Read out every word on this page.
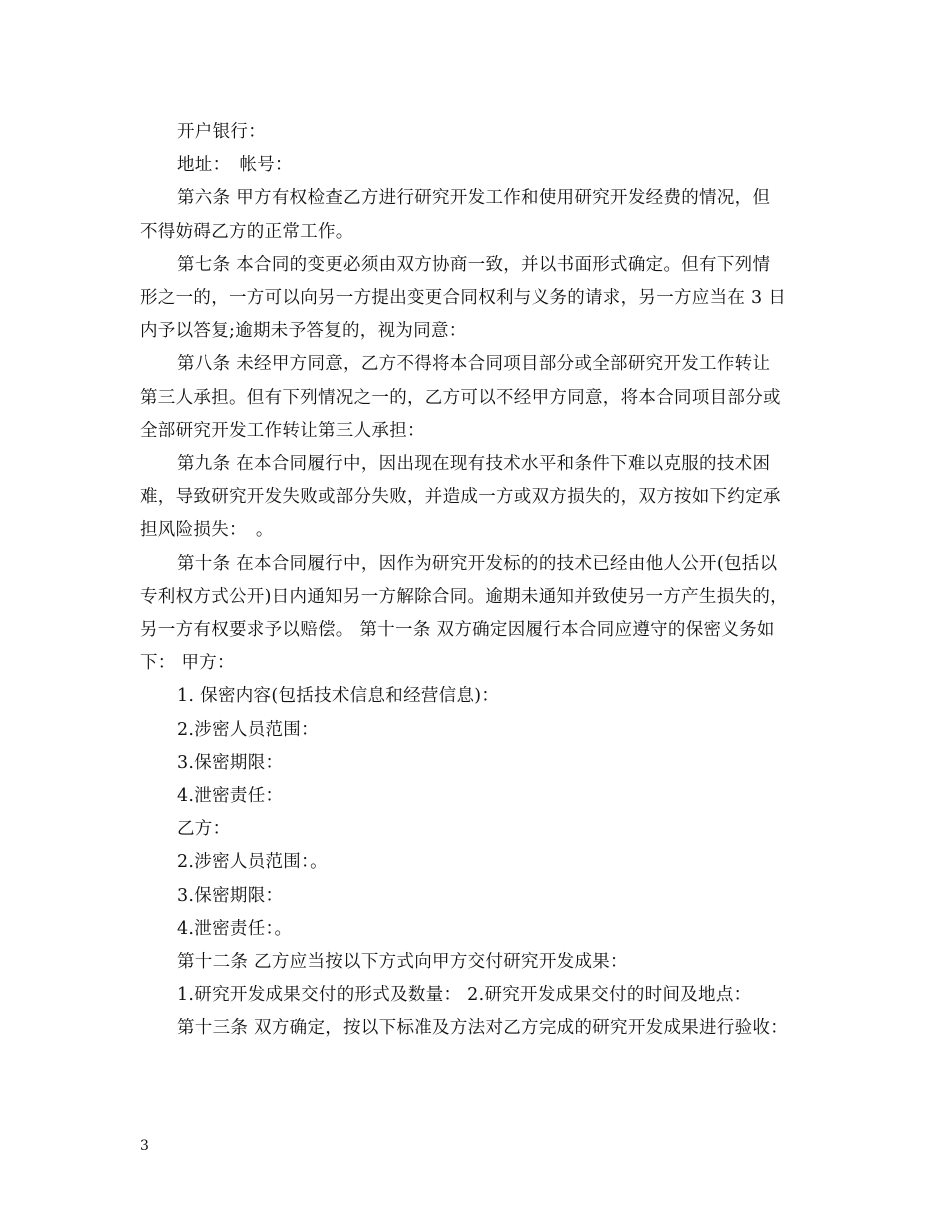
开户银行：

地址：　帐号：

第六条 甲方有权检查乙方进行研究开发工作和使用研究开发经费的情况，但

不得妨碍乙方的正常工作。

第七条 本合同的变更必须由双方协商一致，并以书面形式确定。但有下列情

形之一的，一方可以向另一方提出变更合同权利与义务的请求，另一方应当在 3 日

内予以答复;逾期未予答复的，视为同意：

第八条 未经甲方同意，乙方不得将本合同项目部分或全部研究开发工作转让

第三人承担。但有下列情况之一的，乙方可以不经甲方同意，将本合同项目部分或

全部研究开发工作转让第三人承担：

第九条 在本合同履行中，因出现在现有技术水平和条件下难以克服的技术困

难，导致研究开发失败或部分失败，并造成一方或双方损失的，双方按如下约定承

担风险损失：　。

第十条 在本合同履行中，因作为研究开发标的的技术已经由他人公开(包括以

专利权方式公开)日内通知另一方解除合同。逾期未通知并致使另一方产生损失的，

另一方有权要求予以赔偿。 第十一条 双方确定因履行本合同应遵守的保密义务如

下： 甲方：

1. 保密内容(包括技术信息和经营信息)：

2.涉密人员范围：

3.保密期限：

4.泄密责任：

乙方：

2.涉密人员范围：。

3.保密期限：

4.泄密责任：。

第十二条 乙方应当按以下方式向甲方交付研究开发成果：

1.研究开发成果交付的形式及数量： 2.研究开发成果交付的时间及地点：

第十三条 双方确定，按以下标准及方法对乙方完成的研究开发成果进行验收：

3
